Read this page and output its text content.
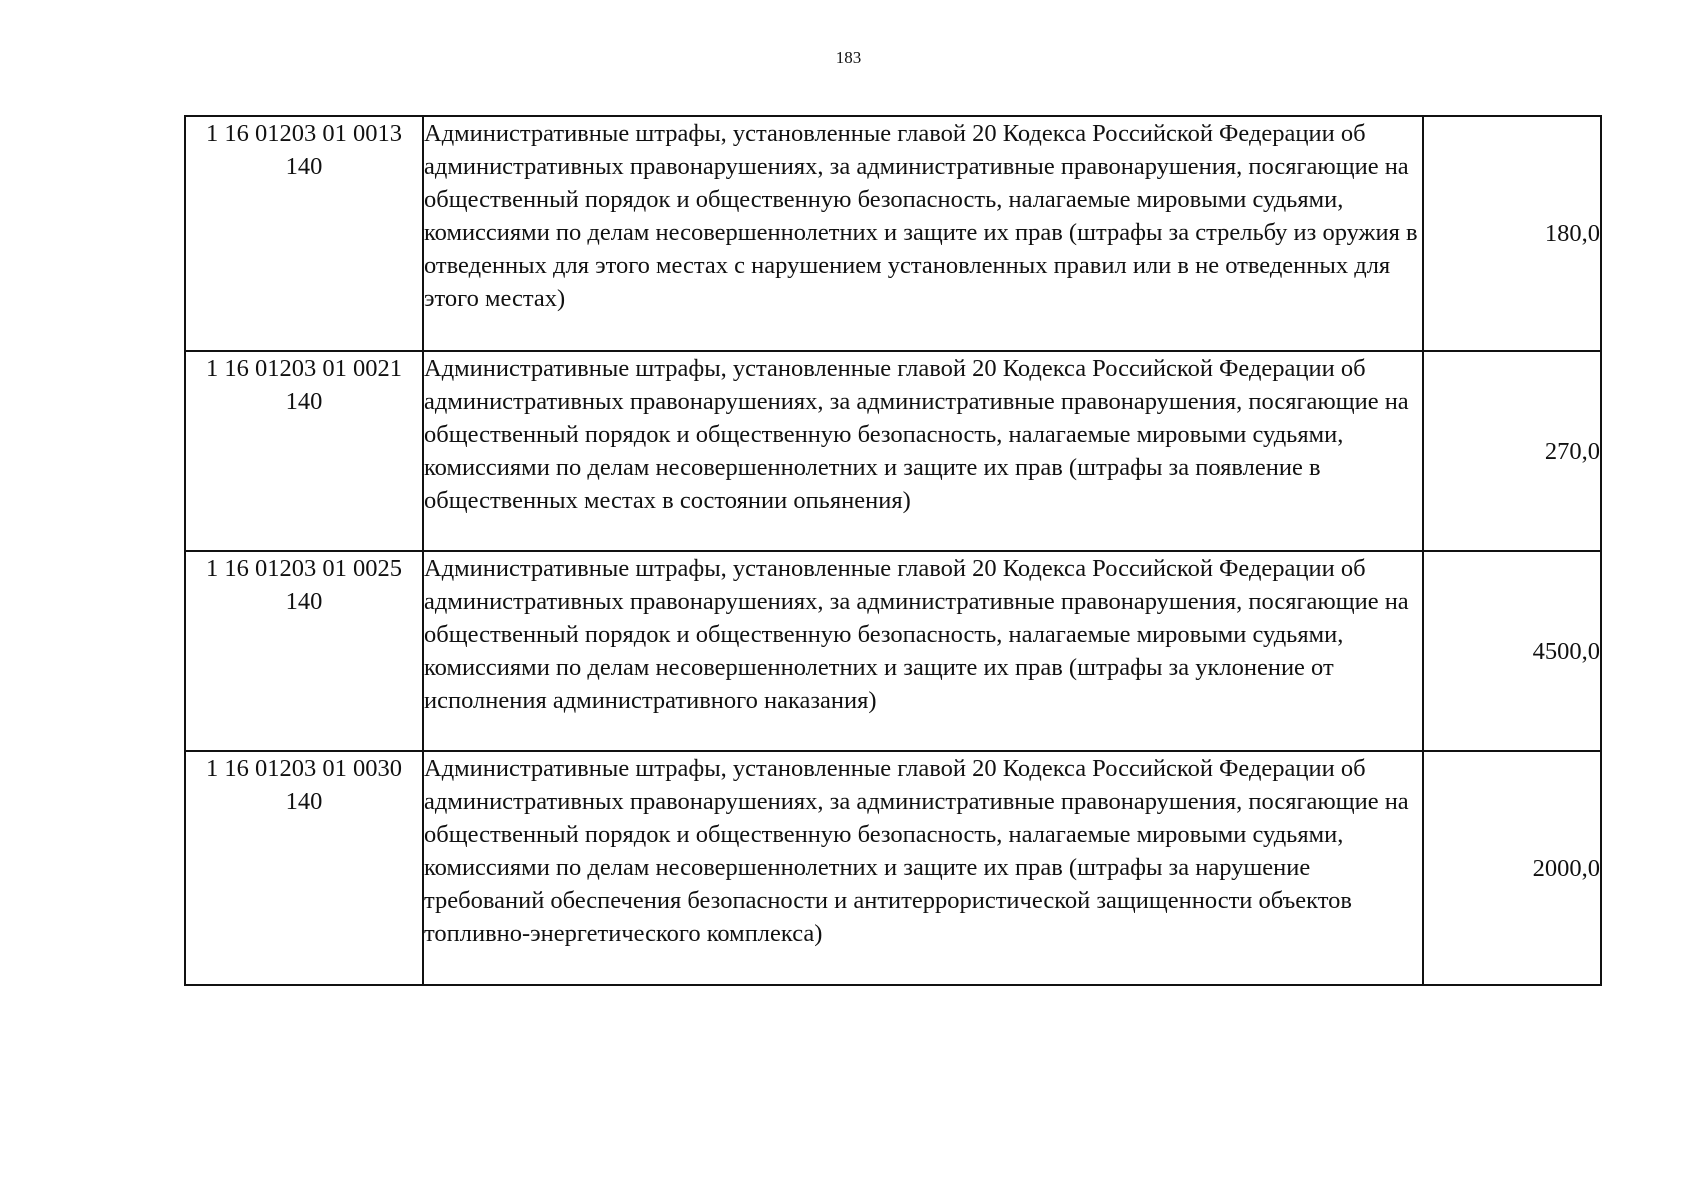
183
1 16 01203 01 0013
140	Административные штрафы, установленные главой 20 Кодекса Российской Федерации об административных правонарушениях, за административные правонарушения, посягающие на общественный порядок и общественную безопасность, налагаемые мировыми судьями, комиссиями по делам несовершеннолетних и защите их прав (штрафы за стрельбу из оружия в отведенных для этого местах с нарушением установленных правил или в не отведенных для этого местах)	180,0

1 16 01203 01 0021
140	Административные штрафы, установленные главой 20 Кодекса Российской Федерации об административных правонарушениях, за административные правонарушения, посягающие на общественный порядок и общественную безопасность, налагаемые мировыми судьями, комиссиями по делам несовершеннолетних и защите их прав (штрафы за появление в общественных местах в состоянии опьянения)	270,0

1 16 01203 01 0025
140	Административные штрафы, установленные главой 20 Кодекса Российской Федерации об административных правонарушениях, за административные правонарушения, посягающие на общественный порядок и общественную безопасность, налагаемые мировыми судьями, комиссиями по делам несовершеннолетних и защите их прав (штрафы за уклонение от исполнения административного наказания)	4500,0

1 16 01203 01 0030
140	Административные штрафы, установленные главой 20 Кодекса Российской Федерации об административных правонарушениях, за административные правонарушения, посягающие на общественный порядок и общественную безопасность, налагаемые мировыми судьями, комиссиями по делам несовершеннолетних и защите их прав (штрафы за нарушение требований обеспечения безопасности и антитеррористической защищенности объектов топливно-энергетического комплекса)	2000,0
